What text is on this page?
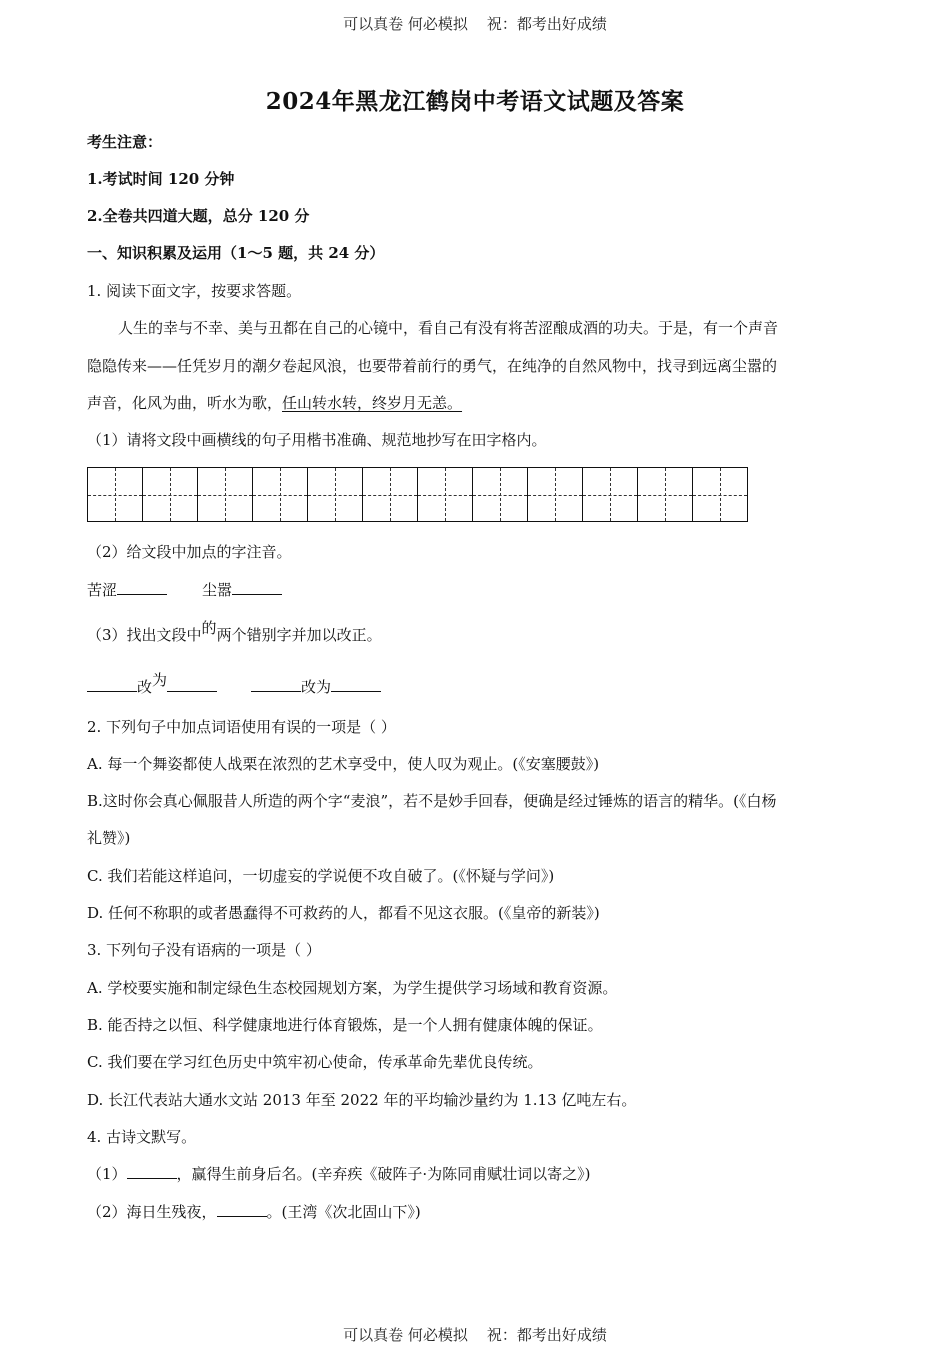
可以真卷 何必模拟    祝：都考出好成绩
2024年黑龙江鹤岗中考语文试题及答案
考生注意：
1.考试时间 120 分钟
2.全卷共四道大题，总分 120 分
一、知识积累及运用（1～5 题，共 24 分）
1. 阅读下面文字，按要求答题。
人生的幸与不幸、美与丑都在自己的心镜中，看自己有没有将苦涩酿成酒的功夫。于是，有一个声音
隐隐传来——任凭岁月的潮夕卷起风浪，也要带着前行的勇气，在纯净的自然风物中，找寻到远离尘嚣的
声音，化风为曲，听水为歌，任山转水转，终岁月无恙。
（1）请将文段中画横线的句子用楷书准确、规范地抄写在田字格内。
（2）给文段中加点的字注音。
苦涩	尘嚣
（3）找出文段中的两个错别字并加以改正。
改为	改为
2. 下列句子中加点词语使用有误的一项是（ ）
A. 每一个舞姿都使人战栗在浓烈的艺术享受中，使人叹为观止。(《安塞腰鼓》)
B.这时你会真心佩服昔人所造的两个字“麦浪”，若不是妙手回春，便确是经过锤炼的语言的精华。(《白杨
礼赞》)
C. 我们若能这样追问，一切虚妄的学说便不攻自破了。(《怀疑与学问》)
D. 任何不称职的或者愚蠢得不可救药的人，都看不见这衣服。(《皇帝的新装》)
3. 下列句子没有语病的一项是（ ）
A. 学校要实施和制定绿色生态校园规划方案，为学生提供学习场域和教育资源。
B. 能否持之以恒、科学健康地进行体育锻炼，是一个人拥有健康体魄的保证。
C. 我们要在学习红色历史中筑牢初心使命，传承革命先辈优良传统。
D. 长江代表站大通水文站 2013 年至 2022 年的平均输沙量约为 1.13 亿吨左右。
4. 古诗文默写。
（1）	，赢得生前身后名。(辛弃疾《破阵子·为陈同甫赋壮词以寄之》)
（2）海日生残夜，	。(王湾《次北固山下》)
可以真卷 何必模拟    祝：都考出好成绩
